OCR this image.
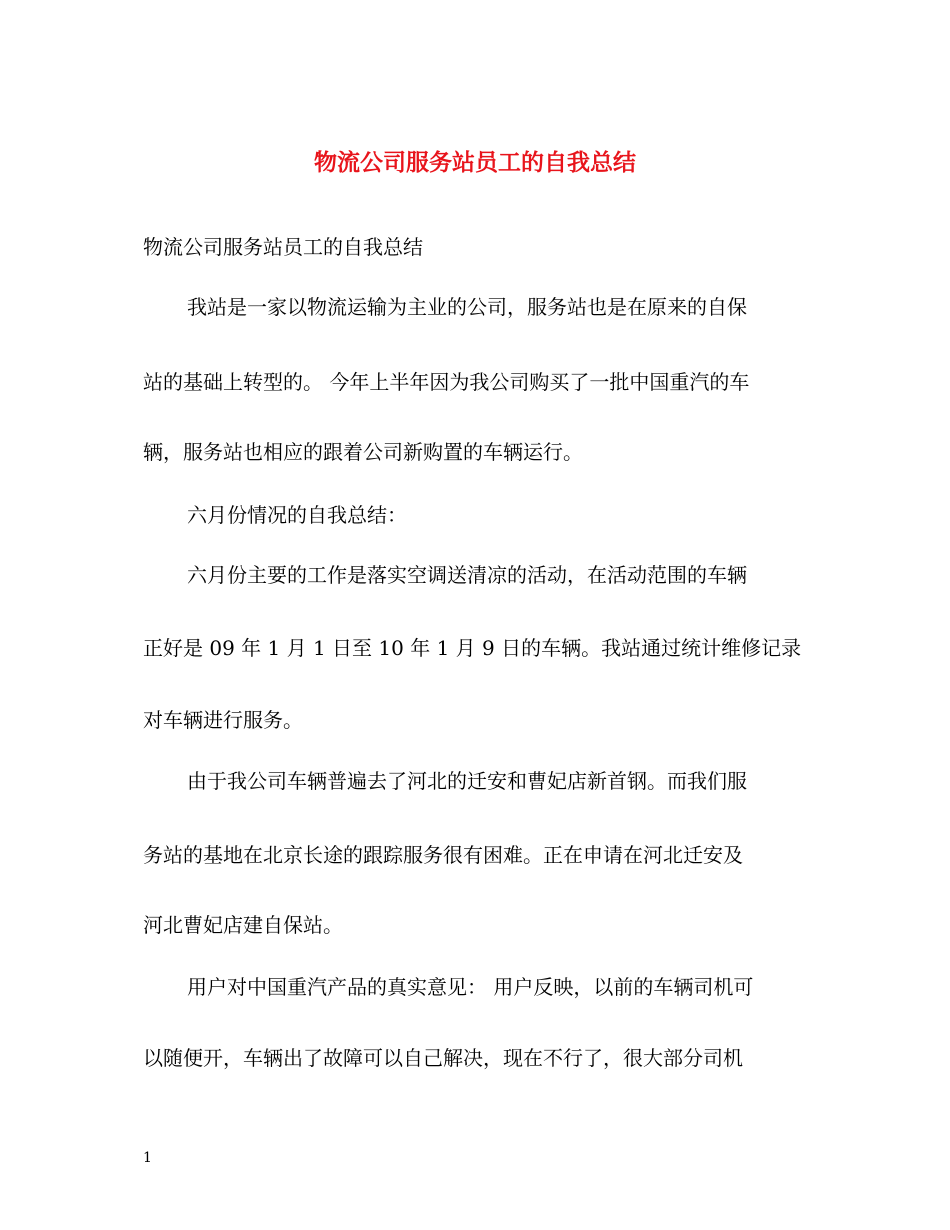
物流公司服务站员工的自我总结

物流公司服务站员工的自我总结

我站是一家以物流运输为主业的公司，服务站也是在原来的自保

站的基础上转型的。 今年上半年因为我公司购买了一批中国重汽的车

辆，服务站也相应的跟着公司新购置的车辆运行。

六月份情况的自我总结：

六月份主要的工作是落实空调送清凉的活动，在活动范围的车辆

正好是 09 年 1 月 1 日至 10 年 1 月 9 日的车辆。我站通过统计维修记录

对车辆进行服务。

由于我公司车辆普遍去了河北的迁安和曹妃店新首钢。而我们服

务站的基地在北京长途的跟踪服务很有困难。正在申请在河北迁安及

河北曹妃店建自保站。

用户对中国重汽产品的真实意见： 用户反映，以前的车辆司机可

以随便开，车辆出了故障可以自己解决，现在不行了，很大部分司机

1
